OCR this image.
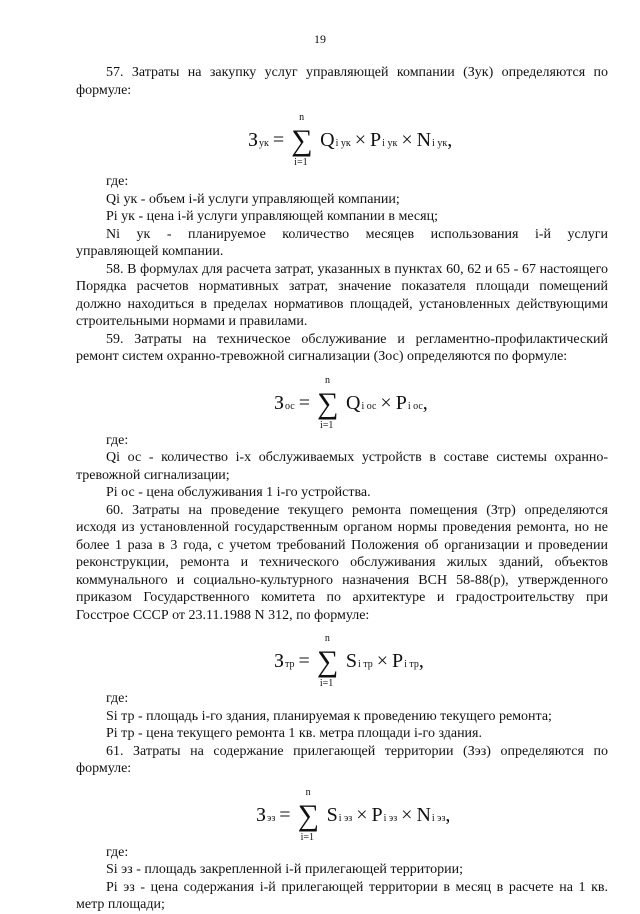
19

57. Затраты на закупку услуг управляющей компании (Зук) определяются по формуле:

З ук =
n
∑
i=1
Q i ук × P i ук × N i ук ,

где:

Qi ук - объем i-й услуги управляющей компании;

Pi ук - цена i-й услуги управляющей компании в месяц;

Ni ук - планируемое количество месяцев использования i-й услуги

управляющей компании.

58. В формулах для расчета затрат, указанных в пунктах 60, 62 и 65 - 67 настоящего Порядка расчетов нормативных затрат, значение показателя площади помещений должно находиться в пределах нормативов площадей, установленных действующими строительными нормами и правилами.

59. Затраты на техническое обслуживание и регламентно-профилактический ремонт систем охранно-тревожной сигнализации (Зос) определяются по формуле:

З ос =
n
∑
i=1
Q i ос × P i ос ,

где:

Qi ос - количество i-х обслуживаемых устройств в составе системы охранно-тревожной сигнализации;

Pi ос - цена обслуживания 1 i-го устройства.

60. Затраты на проведение текущего ремонта помещения (Зтр) определяются исходя из установленной государственным органом нормы проведения ремонта, но не более 1 раза в 3 года, с учетом требований Положения об организации и проведении реконструкции, ремонта и технического обслуживания жилых зданий, объектов коммунального и социально-культурного назначения ВСН 58-88(р), утвержденного приказом Государственного комитета по архитектуре и градостроительству при Госстрое СССР от 23.11.1988 N 312, по формуле:

З тр =
n
∑
i=1
S i тр × P i тр ,

где:

Si тр - площадь i-го здания, планируемая к проведению текущего ремонта;

Pi тр - цена текущего ремонта 1 кв. метра площади i-го здания.

61. Затраты на содержание прилегающей территории (Зэз) определяются по формуле:

З эз =
n
∑
i=1
S i эз × P i эз × N i эз ,

где:

Si эз - площадь закрепленной i-й прилегающей территории;

Pi эз - цена содержания i-й прилегающей территории в месяц в расчете на 1 кв. метр площади;
